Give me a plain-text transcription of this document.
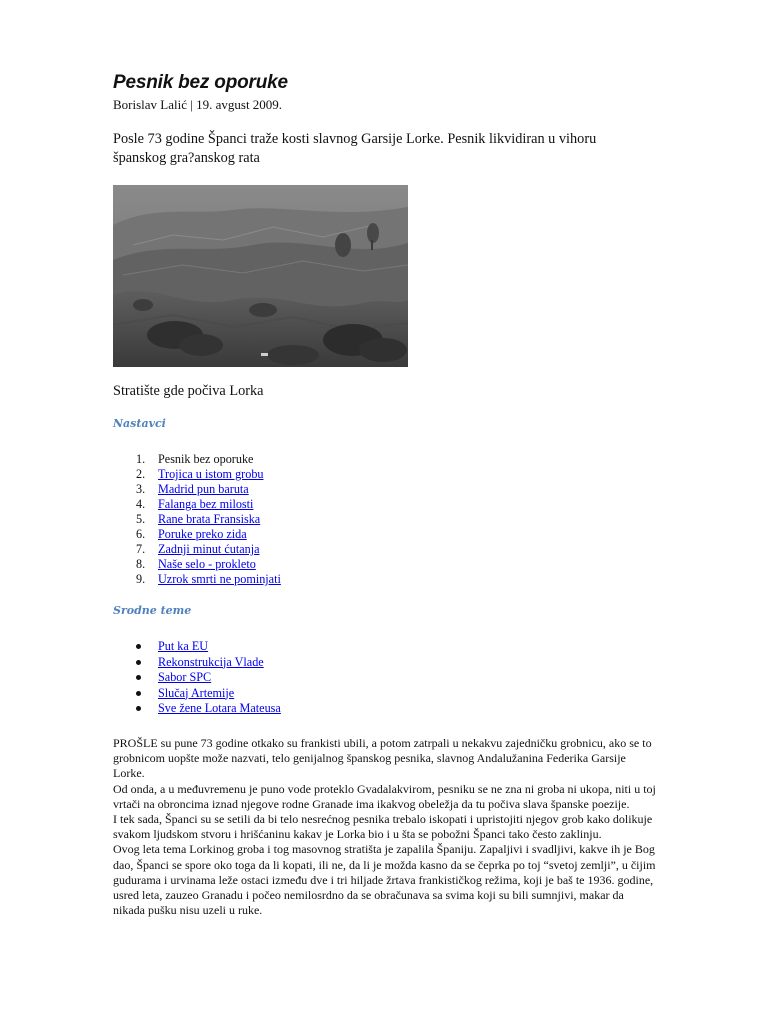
Pesnik bez oporuke
Borislav Lalić | 19. avgust 2009.
Posle 73 godine Španci traže kosti slavnog Garsije Lorke. Pesnik likvidiran u vihoru španskog gra?anskog rata
Stratište gde počiva Lorka
Nastavci
1.	Pesnik bez oporuke
2.	Trojica u istom grobu
3.	Madrid pun baruta
4.	Falanga bez milosti
5.	Rane brata Fransiska
6.	Poruke preko zida
7.	Zadnji minut ćutanja
8.	Naše selo - prokleto
9.	Uzrok smrti ne pominjati
Srodne teme
Put ka EU
Rekonstrukcija Vlade
Sabor SPC
Slučaj Artemije
Sve žene Lotara Mateusa

PROŠLE su pune 73 godine otkako su frankisti ubili, a potom zatrpali u nekakvu zajedničku grobnicu, ako se to grobnicom uopšte može nazvati, telo genijalnog španskog pesnika, slavnog Andalužanina Federika Garsije Lorke.

Od onda, a u međuvremenu je puno vode proteklo Gvadalakvirom, pesniku se ne zna ni groba ni ukopa, niti u toj vrtači na obroncima iznad njegove rodne Granade ima ikakvog obeležja da tu počiva slava španske poezije.

I tek sada, Španci su se setili da bi telo nesrećnog pesnika trebalo iskopati i upristojiti njegov grob kako dolikuje svakom ljudskom stvoru i hrišćaninu kakav je Lorka bio i u šta se pobožni Španci tako često zaklinju.

Ovog leta tema Lorkinog groba i tog masovnog stratišta je zapalila Španiju. Zapaljivi i svadljivi, kakve ih je Bog dao, Španci se spore oko toga da li kopati, ili ne, da li je možda kasno da se čeprka po toj “svetoj zemlji”, u čijim gudurama i urvinama leže ostaci između dve i tri hiljade žrtava frankističkog režima, koji je baš te 1936. godine, usred leta, zauzeo Granadu i počeo nemilosrdno da se obračunava sa svima koji su bili sumnjivi, makar da nikada pušku nisu uzeli u ruke.
